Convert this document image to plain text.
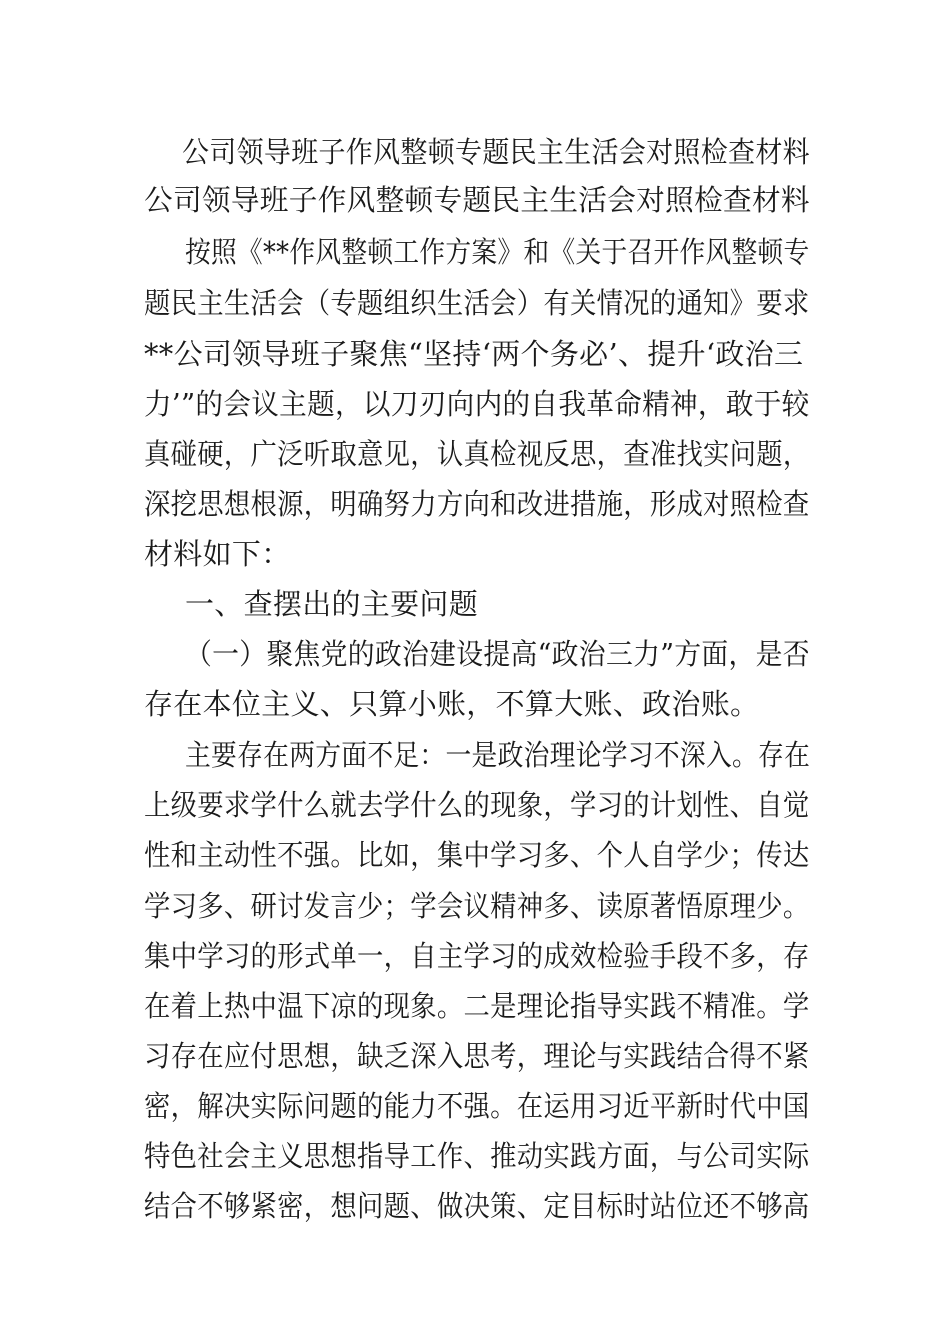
公司领导班子作风整顿专题民主生活会对照检查材料
公司领导班子作风整顿专题民主生活会对照检查材料
按照《**作风整顿工作方案》和《关于召开作风整顿专
题民主生活会（专题组织生活会）有关情况的通知》要求
**公司领导班子聚焦“坚持‘两个务必’、提升‘政治三
力’”的会议主题，以刀刃向内的自我革命精神，敢于较
真碰硬，广泛听取意见，认真检视反思，查准找实问题，
深挖思想根源，明确努力方向和改进措施，形成对照检查
材料如下：
一、查摆出的主要问题
（一）聚焦党的政治建设提高“政治三力”方面，是否
存在本位主义、只算小账，不算大账、政治账。
主要存在两方面不足：一是政治理论学习不深入。存在
上级要求学什么就去学什么的现象，学习的计划性、自觉
性和主动性不强。比如，集中学习多、个人自学少；传达
学习多、研讨发言少；学会议精神多、读原著悟原理少。
集中学习的形式单一，自主学习的成效检验手段不多，存
在着上热中温下凉的现象。二是理论指导实践不精准。学
习存在应付思想，缺乏深入思考，理论与实践结合得不紧
密，解决实际问题的能力不强。在运用习近平新时代中国
特色社会主义思想指导工作、推动实践方面，与公司实际
结合不够紧密，想问题、做决策、定目标时站位还不够高
